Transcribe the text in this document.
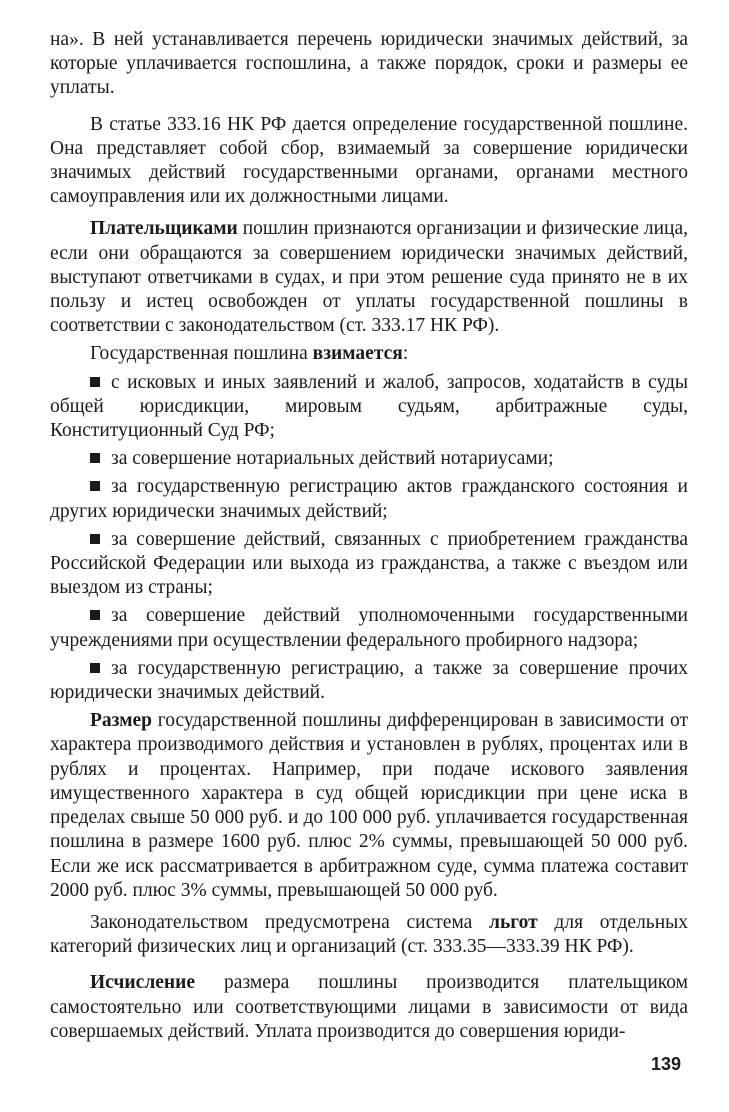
на». В ней устанавливается перечень юридически значимых действий, за которые уплачивается госпошлина, а также порядок, сроки и размеры ее уплаты.

В статье 333.16 НК РФ дается определение государственной пошлине. Она представляет собой сбор, взимаемый за совершение юридически значимых действий государственными органами, органами местного самоуправления или их должностными лицами.

Плательщиками пошлин признаются организации и физические лица, если они обращаются за совершением юридически значимых действий, выступают ответчиками в судах, и при этом решение суда принято не в их пользу и истец освобожден от уплаты государственной пошлины в соответствии с законодательством (ст. 333.17 НК РФ).

Государственная пошлина взимается:

с исковых и иных заявлений и жалоб, запросов, ходатайств в суды общей юрисдикции, мировым судьям, арбитражные суды, Конституционный Суд РФ;

за совершение нотариальных действий нотариусами;

за государственную регистрацию актов гражданского состояния и других юридически значимых действий;

за совершение действий, связанных с приобретением гражданства Российской Федерации или выхода из гражданства, а также с въездом или выездом из страны;

за совершение действий уполномоченными государственными учреждениями при осуществлении федерального пробирного надзора;

за государственную регистрацию, а также за совершение прочих юридически значимых действий.

Размер государственной пошлины дифференцирован в зависимости от характера производимого действия и установлен в рублях, процентах или в рублях и процентах. Например, при подаче искового заявления имущественного характера в суд общей юрисдикции при цене иска в пределах свыше 50 000 руб. и до 100 000 руб. уплачивается государственная пошлина в размере 1600 руб. плюс 2% суммы, превышающей 50 000 руб. Если же иск рассматривается в арбитражном суде, сумма платежа составит 2000 руб. плюс 3% суммы, превышающей 50 000 руб.

Законодательством предусмотрена система льгот для отдельных категорий физических лиц и организаций (ст. 333.35—333.39 НК РФ).

Исчисление размера пошлины производится плательщиком самостоятельно или соответствующими лицами в зависимости от вида совершаемых действий. Уплата производится до совершения юриди-

139
